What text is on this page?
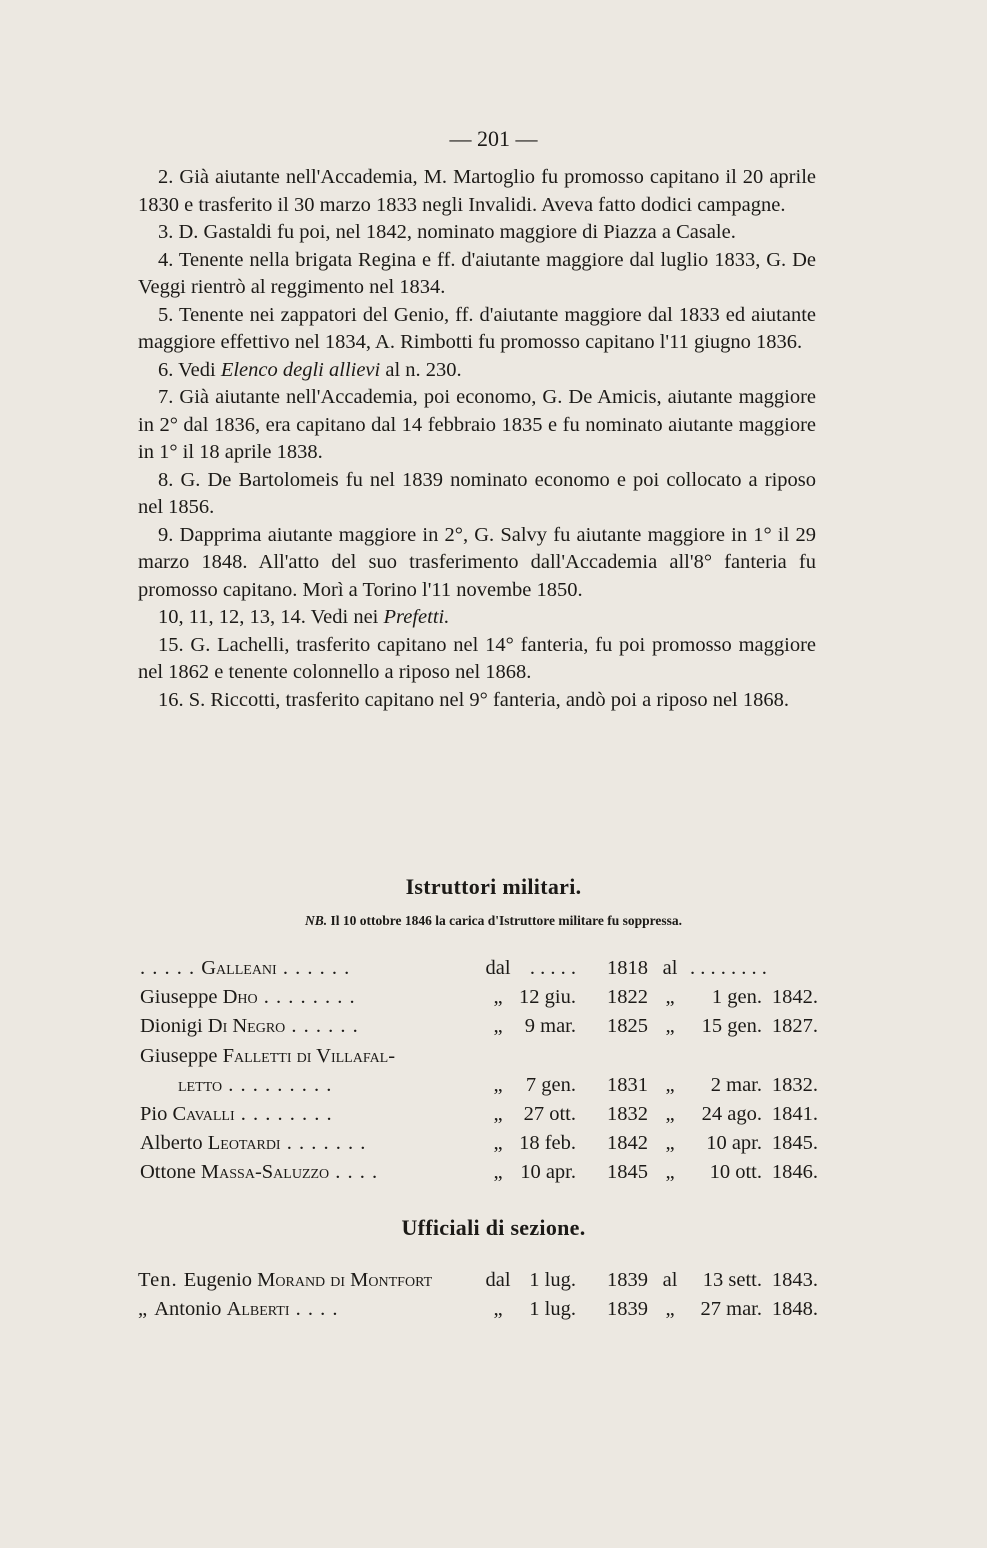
— 201 —

2. Già aiutante nell'Accademia, M. Martoglio fu promosso capitano il 20 aprile 1830 e trasferito il 30 marzo 1833 negli Invalidi. Aveva fatto dodici campagne.

3. D. Gastaldi fu poi, nel 1842, nominato maggiore di Piazza a Casale.

4. Tenente nella brigata Regina e ff. d'aiutante maggiore dal luglio 1833, G. De Veggi rientrò al reggimento nel 1834.

5. Tenente nei zappatori del Genio, ff. d'aiutante maggiore dal 1833 ed aiutante maggiore effettivo nel 1834, A. Rimbotti fu promosso capitano l'11 giugno 1836.

6. Vedi Elenco degli allievi al n. 230.

7. Già aiutante nell'Accademia, poi economo, G. De Amicis, aiutante maggiore in 2° dal 1836, era capitano dal 14 febbraio 1835 e fu nominato aiutante maggiore in 1° il 18 aprile 1838.

8. G. De Bartolomeis fu nel 1839 nominato economo e poi collocato a riposo nel 1856.

9. Dapprima aiutante maggiore in 2°, G. Salvy fu aiutante maggiore in 1° il 29 marzo 1848. All'atto del suo trasferimento dall'Accademia all'8° fanteria fu promosso capitano. Morì a Torino l'11 novembe 1850.

10, 11, 12, 13, 14. Vedi nei Prefetti.

15. G. Lachelli, trasferito capitano nel 14° fanteria, fu poi promosso maggiore nel 1862 e tenente colonnello a riposo nel 1868.

16. S. Riccotti, trasferito capitano nel 9° fanteria, andò poi a riposo nel 1868.

Istruttori militari.
NB. Il 10 ottobre 1846 la carica d'Istruttore militare fu soppressa.
. . . . . Galleani . . . . . .	dal . . . . .	1818 al . . . . . . . .
Giuseppe Dho . . . . . . . .	„ 12 giu.	1822 „	1 gen. 1842.
Dionigi Di Negro . . . . . .	„	9 mar.	1825 „	15 gen. 1827.
Giuseppe Falletti di Villafal-
letto . . . . . . . . .	„	7 gen.	1831 „	2 mar. 1832.
Pio Cavalli . . . . . . . .	„	27 ott.	1832 „	24 ago. 1841.
Alberto Leotardi . . . . . . .	„ 18 feb.	1842 „	10 apr. 1845.
Ottone Massa-Saluzzo . . . .	„ 10 apr.	1845 „	10 ott. 1846.
Ufficiali di sezione.
Ten. Eugenio Morand di Montfort	dal 1 lug.	1839 al	13 sett. 1843.
„ Antonio Alberti . . . .	„	1 lug.	1839 „	27 mar. 1848.
